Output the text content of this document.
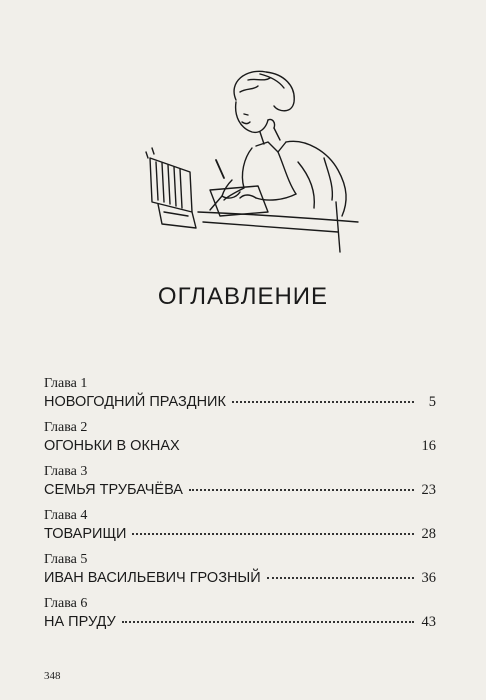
ОГЛАВЛЕНИЕ
Глава 1
НОВОГОДНИЙ ПРАЗДНИК	5
Глава 2
ОГОНЬКИ В ОКНАХ	16
Глава 3
СЕМЬЯ ТРУБАЧЁВА	23
Глава 4
ТОВАРИЩИ	28
Глава 5
ИВАН ВАСИЛЬЕВИЧ ГРОЗНЫЙ	36
Глава 6
НА ПРУДУ	43
348
